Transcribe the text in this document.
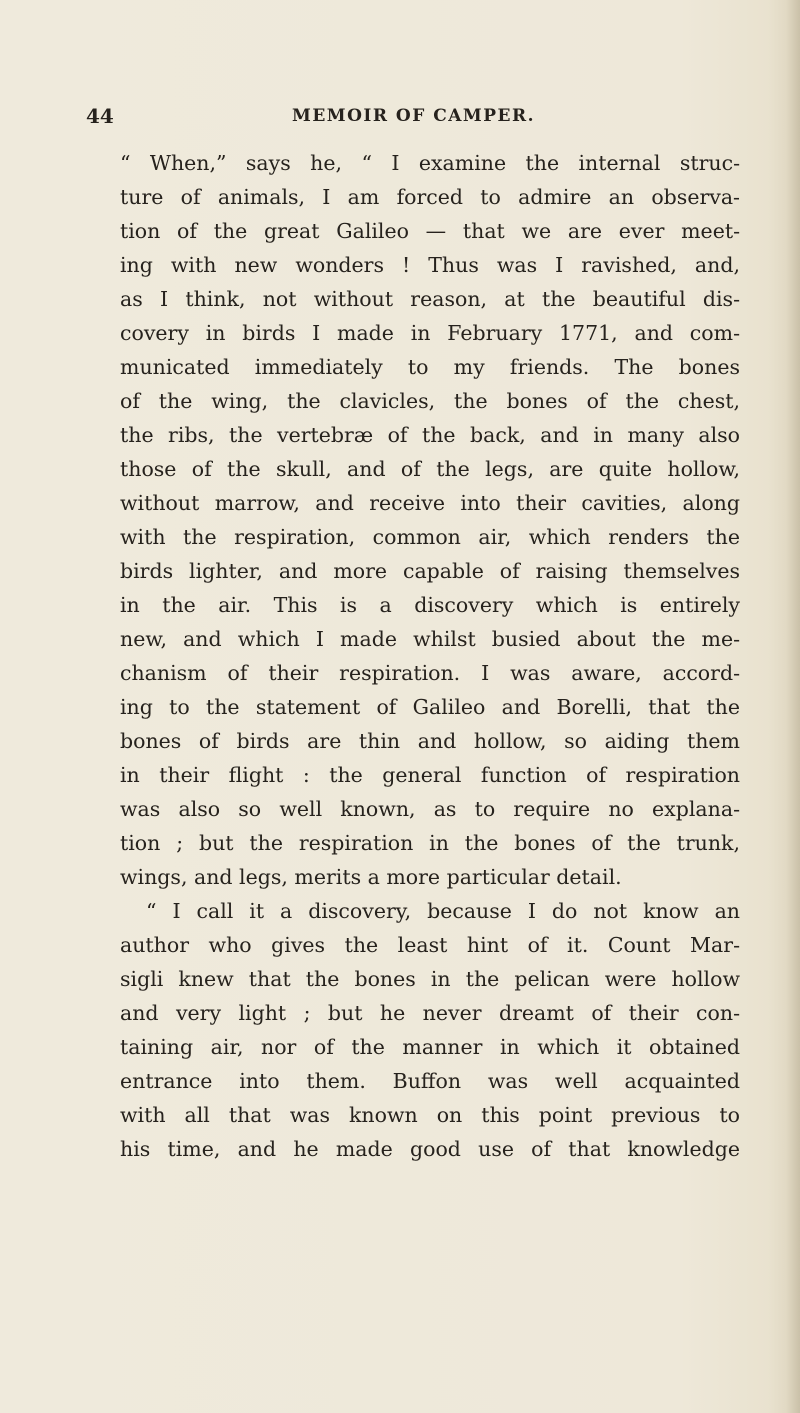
44	MEMOIR OF CAMPER.
“ When,” says he, “ I examine the internal struc-
ture of animals, I am forced to admire an observa-
tion of the great Galileo — that we are ever meet-
ing with new wonders ! Thus was I ravished, and,
as I think, not without reason, at the beautiful dis-
covery in birds I made in February 1771, and com-
municated immediately to my friends. The bones
of the wing, the clavicles, the bones of the chest,
the ribs, the vertebræ of the back, and in many also
those of the skull, and of the legs, are quite hollow,
without marrow, and receive into their cavities, along
with the respiration, common air, which renders the
birds lighter, and more capable of raising themselves
in the air. This is a discovery which is entirely
new, and which I made whilst busied about the me-
chanism of their respiration. I was aware, accord-
ing to the statement of Galileo and Borelli, that the
bones of birds are thin and hollow, so aiding them
in their flight : the general function of respiration
was also so well known, as to require no explana-
tion ; but the respiration in the bones of the trunk,
wings, and legs, merits a more particular detail.
“ I call it a discovery, because I do not know an
author who gives the least hint of it. Count Mar-
sigli knew that the bones in the pelican were hollow
and very light ; but he never dreamt of their con-
taining air, nor of the manner in which it obtained
entrance into them. Buffon was well acquainted
with all that was known on this point previous to
his time, and he made good use of that knowledge
